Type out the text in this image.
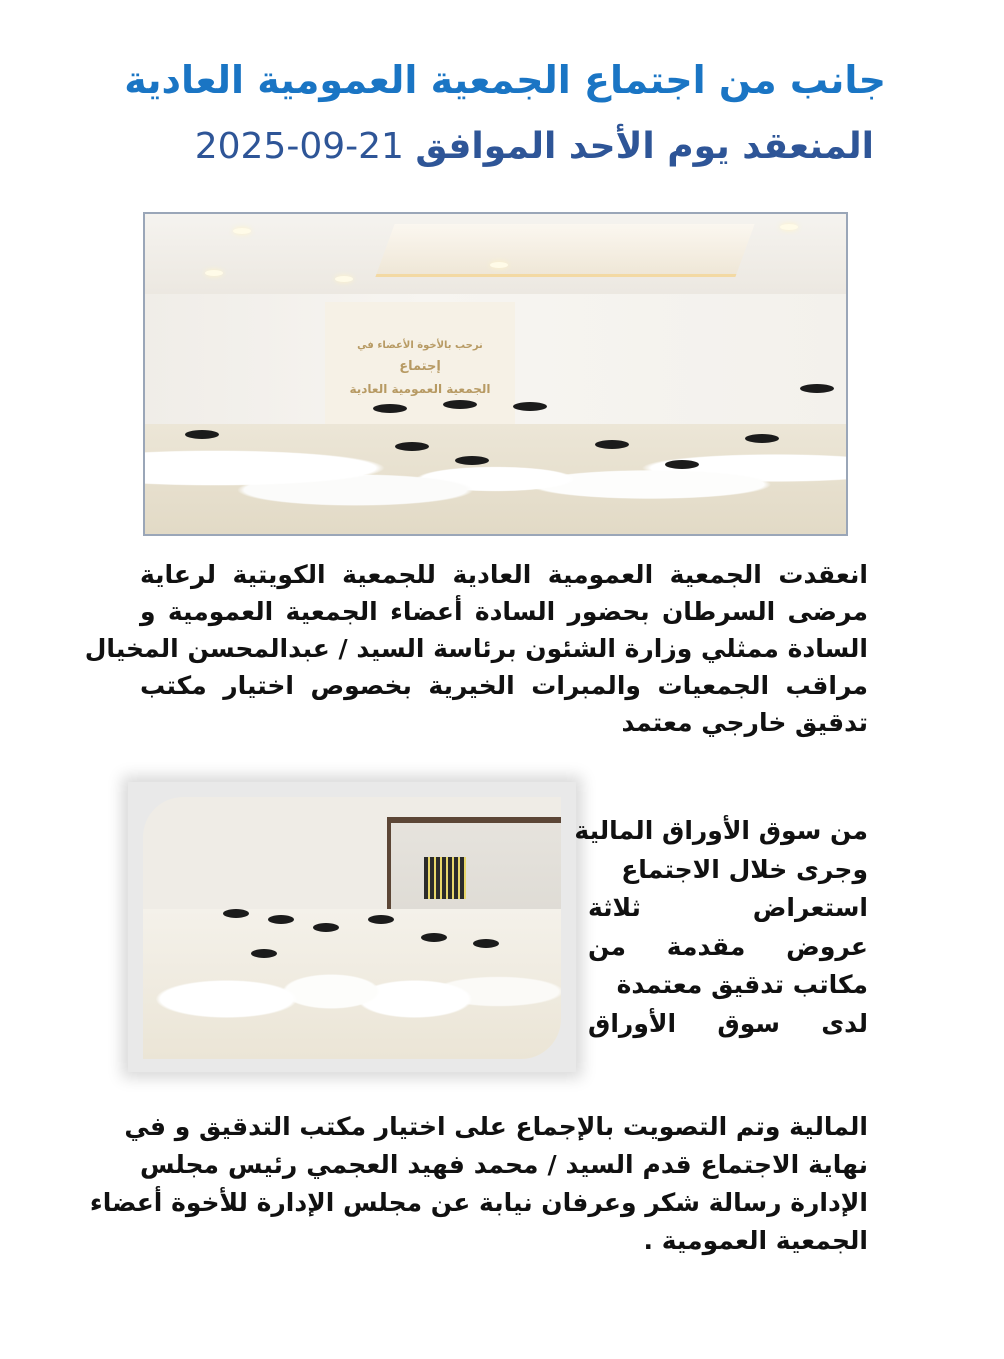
جانب من اجتماع الجمعية العمومية العادية
المنعقد يوم الأحد الموافق 21-09-2025
نرحب بالأخوة الأعضاء في
إجتماع
الجمعية العمومية العادية
انعقدت الجمعية العمومية العادية للجمعية الكويتية لرعاية
مرضى السرطان بحضور السادة أعضاء الجمعية العمومية و
السادة ممثلي وزارة الشئون برئاسة السيد / عبدالمحسن المخيال
مراقب الجمعيات والمبرات الخيرية بخصوص اختيار مكتب
تدقيق خارجي معتمد
من سوق الأوراق المالية
وجرى خلال الاجتماع
استعراض ثلاثة
عروض مقدمة من
مكاتب تدقيق معتمدة
لدى سوق الأوراق
المالية وتم التصويت بالإجماع على اختيار مكتب التدقيق و في
نهاية الاجتماع قدم السيد / محمد فهيد العجمي رئيس مجلس
الإدارة رسالة شكر وعرفان نيابة عن مجلس الإدارة للأخوة أعضاء
الجمعية العمومية .
